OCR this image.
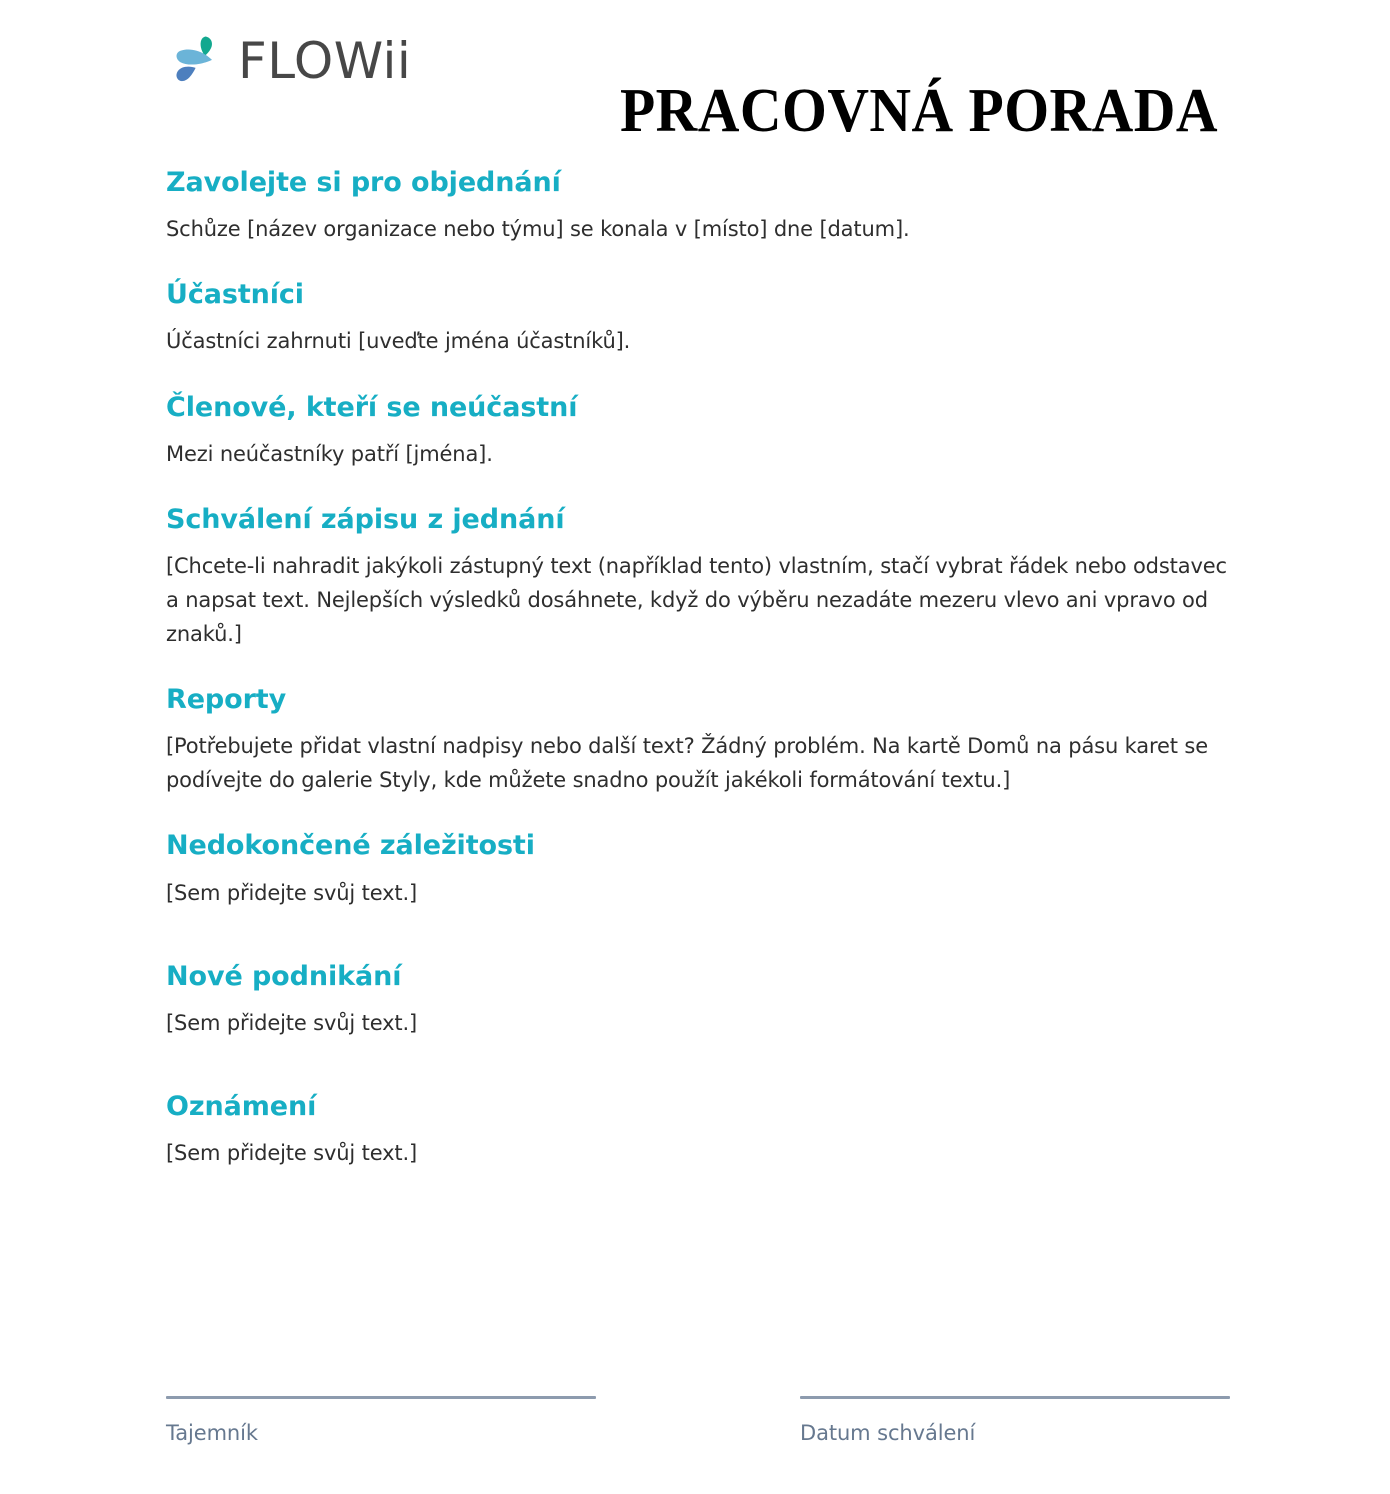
FLOWii
PRACOVNÁ PORADA
Zavolejte si pro objednání

Schůze [název organizace nebo týmu] se konala v [místo] dne [datum].

Účastníci

Účastníci zahrnuti [uveďte jména účastníků].

Členové, kteří se neúčastní

Mezi neúčastníky patří [jména].

Schválení zápisu z jednání

[Chcete-li nahradit jakýkoli zástupný text (například tento) vlastním, stačí vybrat řádek nebo odstavec a napsat text. Nejlepších výsledků dosáhnete, když do výběru nezadáte mezeru vlevo ani vpravo od znaků.]

Reporty

[Potřebujete přidat vlastní nadpisy nebo další text? Žádný problém. Na kartě Domů na pásu karet se podívejte do galerie Styly, kde můžete snadno použít jakékoli formátování textu.]

Nedokončené záležitosti

[Sem přidejte svůj text.]

Nové podnikání

[Sem přidejte svůj text.]

Oznámení

[Sem přidejte svůj text.]

Tajemník	Datum schválení
